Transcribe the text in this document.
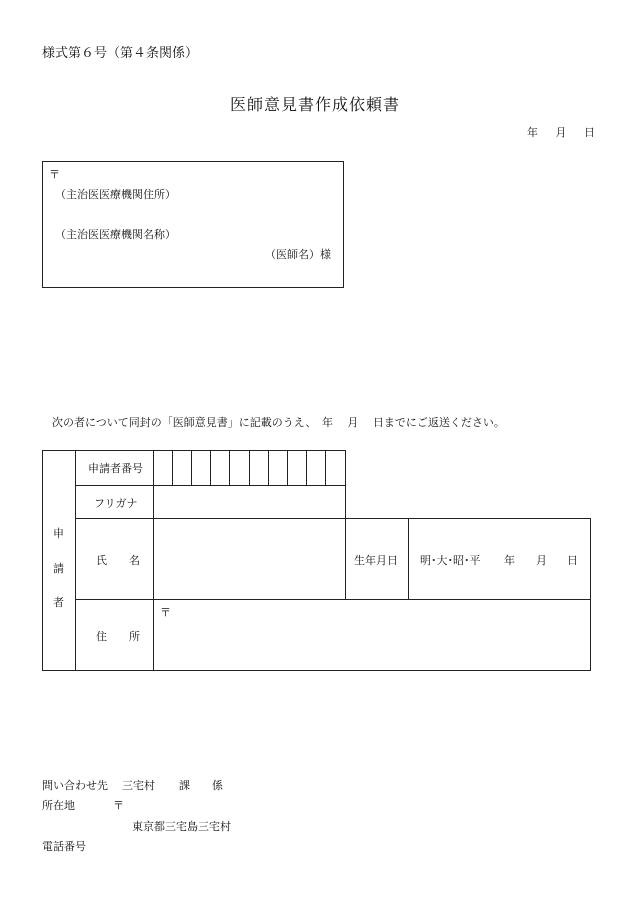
様式第６号（第４条関係）
医師意見書作成依頼書
年 月 日
〒
（主治医医療機関住所）
（主治医医療機関名称）
（医師名）様
次の者について同封の「医師意見書」に記載のうえ、　年　 月　 日までにご返送ください。
申
請
者
申請者番号
フリガナ
氏　　名	生年月日 明･大･昭･平 年 月 日
〒
住　　所
問い合わせ先 三宅村 課 係
所在地	〒
東京都三宅島三宅村
電話番号
